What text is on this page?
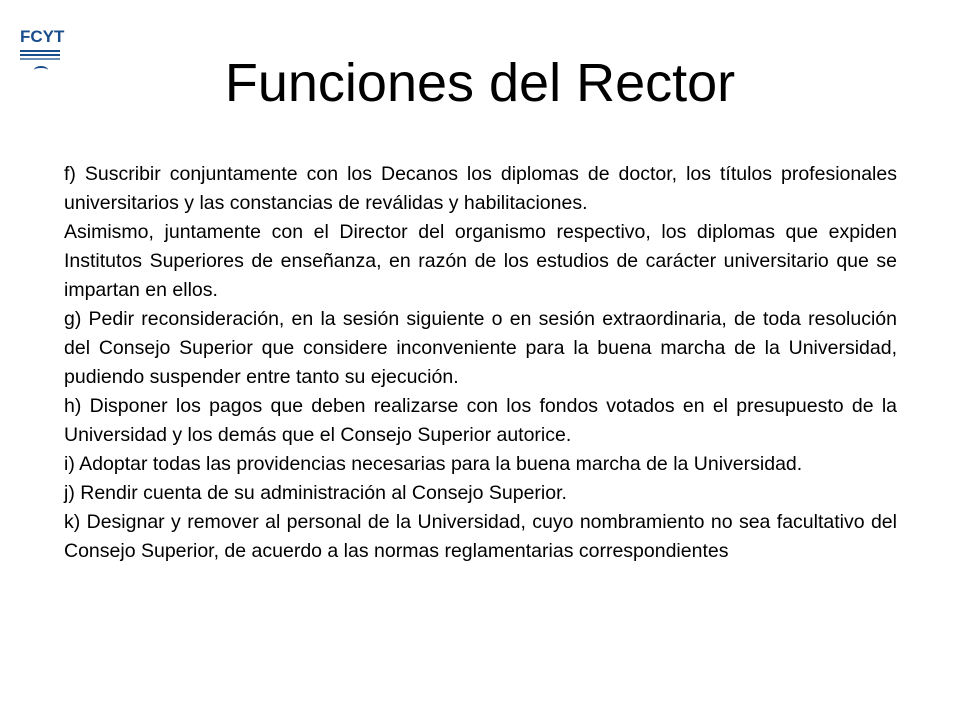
FCYT
Funciones del Rector

f) Suscribir conjuntamente con los Decanos los diplomas de doctor, los títulos profesionales universitarios y las constancias de reválidas y habilitaciones.

Asimismo, juntamente con el Director del organismo respectivo, los diplomas que expiden Institutos Superiores de enseñanza, en razón de los estudios de carácter universitario que se impartan en ellos.

g) Pedir reconsideración, en la sesión siguiente o en sesión extraordinaria, de toda resolución del Consejo Superior que considere inconveniente para la buena marcha de la Universidad, pudiendo suspender entre tanto su ejecución.

h) Disponer los pagos que deben realizarse con los fondos votados en el presupuesto de la Universidad y los demás que el Consejo Superior autorice.

i) Adoptar todas las providencias necesarias para la buena marcha de la Universidad.

j) Rendir cuenta de su administración al Consejo Superior.

k) Designar y remover al personal de la Universidad, cuyo nombramiento no sea facultativo del Consejo Superior, de acuerdo a las normas reglamentarias correspondientes
